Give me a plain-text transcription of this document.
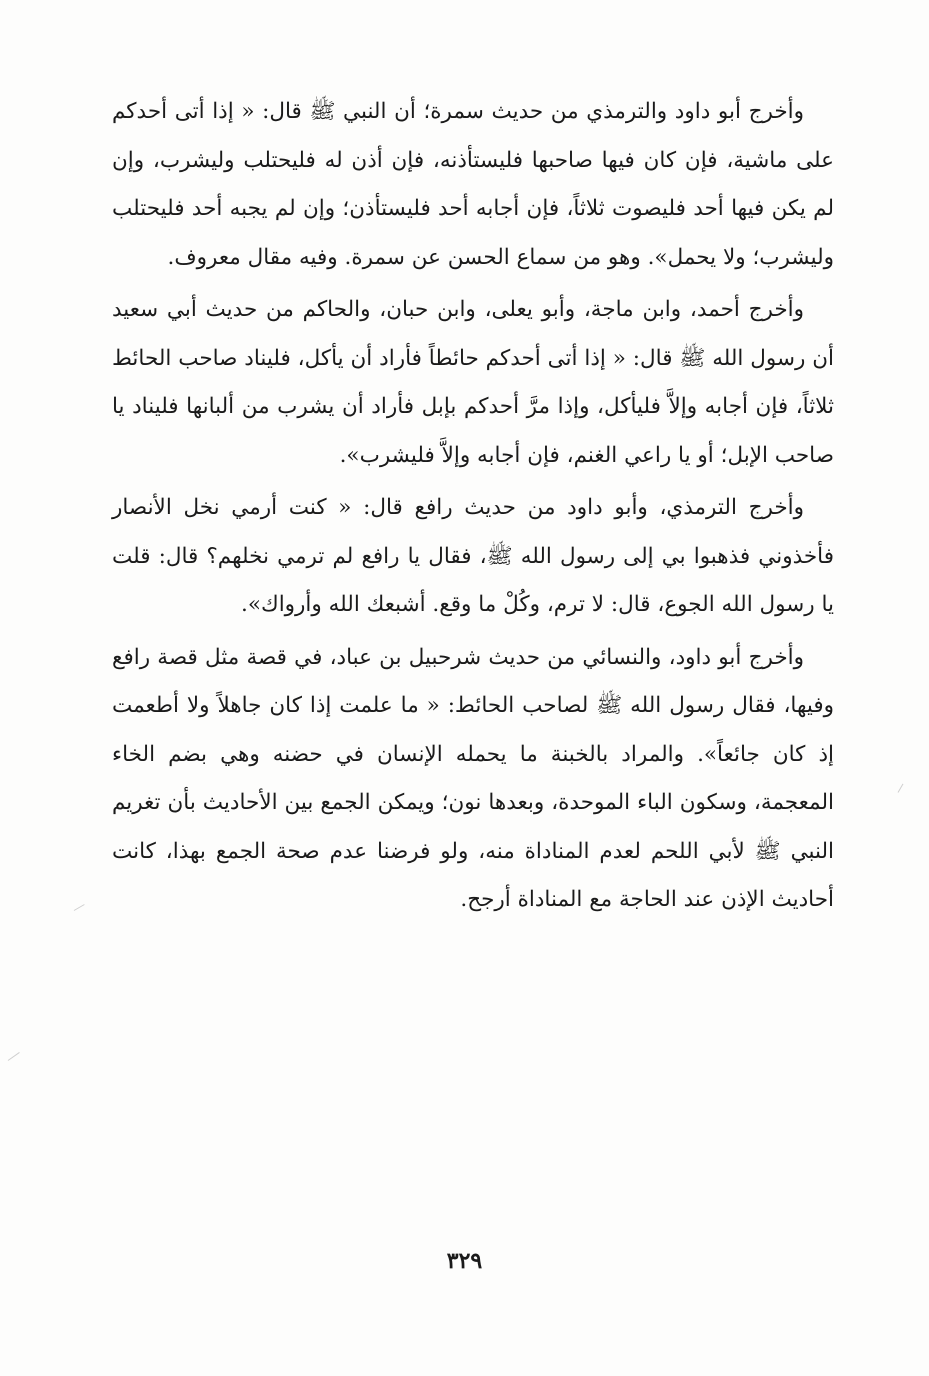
وأخرج أبو داود والترمذي من حديث سمرة؛ أن النبي ﷺ قال: « إذا أتى أحدكم على ماشية، فإن كان فيها صاحبها فليستأذنه، فإن أذن له فليحتلب وليشرب، وإن لم يكن فيها أحد فليصوت ثلاثاً، فإن أجابه أحد فليستأذن؛ وإن لم يجبه أحد فليحتلب وليشرب؛ ولا يحمل». وهو من سماع الحسن عن سمرة. وفيه مقال معروف.

وأخرج أحمد، وابن ماجة، وأبو يعلى، وابن حبان، والحاكم من حديث أبي سعيد أن رسول الله ﷺ قال: « إذا أتى أحدكم حائطاً فأراد أن يأكل، فليناد صاحب الحائط ثلاثاً، فإن أجابه وإلاَّ فليأكل، وإذا مرَّ أحدكم بإبل فأراد أن يشرب من ألبانها فليناد يا صاحب الإبل؛ أو يا راعي الغنم، فإن أجابه وإلاَّ فليشرب».

وأخرج الترمذي، وأبو داود من حديث رافع قال: « كنت أرمي نخل الأنصار فأخذوني فذهبوا بي إلى رسول الله ﷺ، فقال يا رافع لم ترمي نخلهم؟ قال: قلت يا رسول الله الجوع، قال: لا ترم، وكُلْ ما وقع. أشبعك الله وأرواك».

وأخرج أبو داود، والنسائي من حديث شرحبيل بن عباد، في قصة مثل قصة رافع وفيها، فقال رسول الله ﷺ لصاحب الحائط: « ما علمت إذا كان جاهلاً ولا أطعمت إذ كان جائعاً». والمراد بالخبنة ما يحمله الإنسان في حضنه وهي بضم الخاء المعجمة، وسكون الباء الموحدة، وبعدها نون؛ ويمكن الجمع بين الأحاديث بأن تغريم النبي ﷺ لأبي اللحم لعدم المناداة منه، ولو فرضنا عدم صحة الجمع بهذا، كانت أحاديث الإذن عند الحاجة مع المناداة أرجح.

٣٢٩
